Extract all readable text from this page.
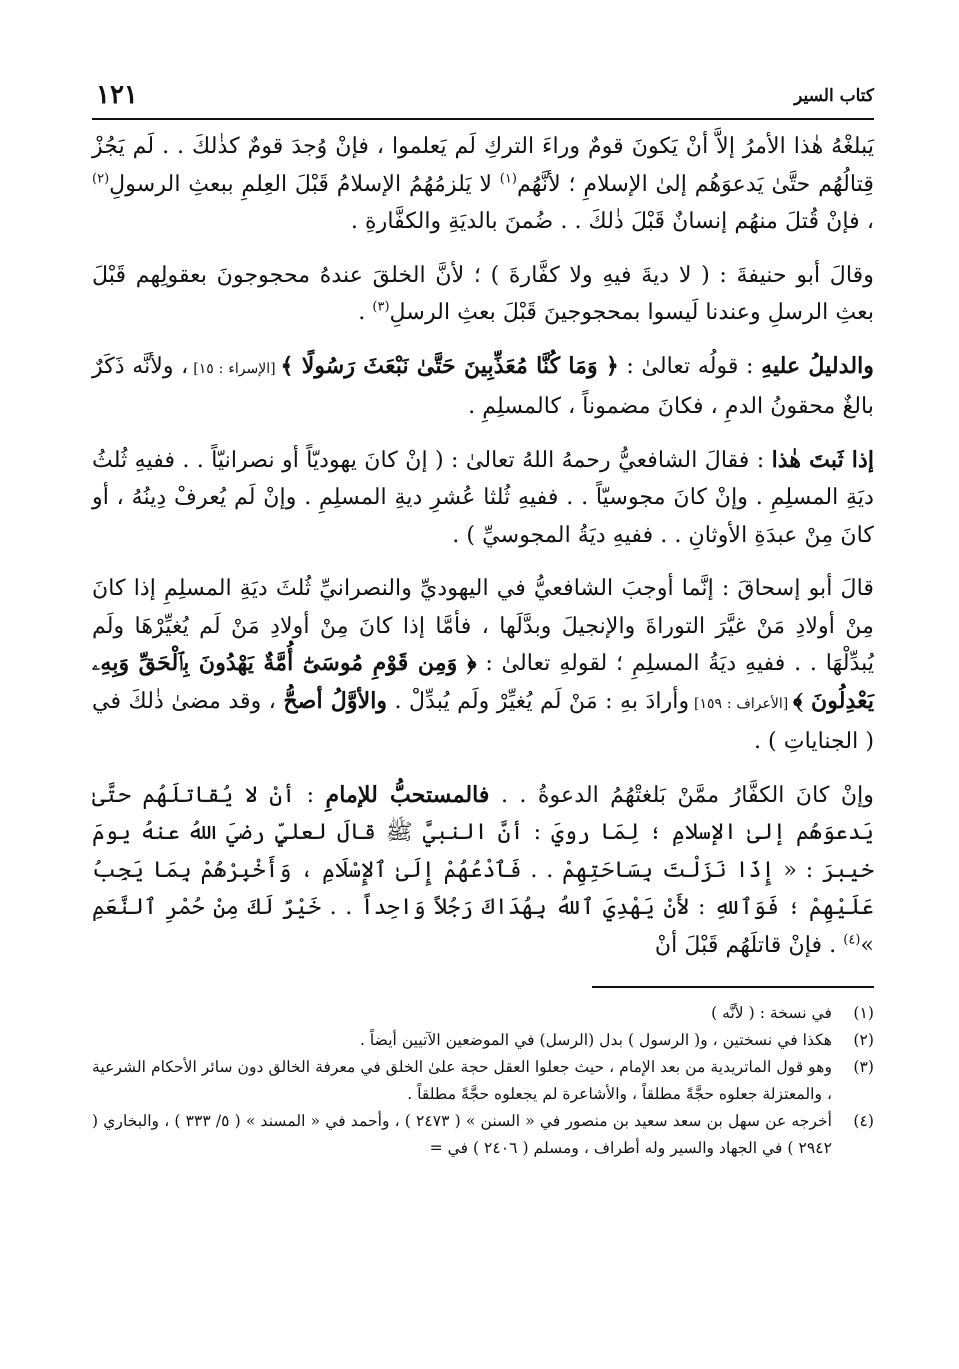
كتاب السير
١٢١

يَبلغْهُ هٰذا الأمرُ إلاَّ أنْ يَكونَ قومٌ وراءَ التركِ لَم يَعلموا ، فإنْ وُجدَ قومٌ كذٰلكَ . . لَم يَجُزْ قِتالُهُم حتَّىٰ يَدعوَهُم إلىٰ الإسلامِ ؛ لأنَّهُم$^{(١)}$ لا يَلزمُهُمُ الإسلامُ قَبْلَ العِلمِ ببعثِ الرسولِ$^{(٢)}$ ، فإنْ قُتلَ منهُم إنسانٌ قَبْلَ ذٰلكَ . . ضُمنَ بالديَةِ والكفَّارةِ .

وقالَ أبو حنيفةَ : ( لا ديةَ فيهِ ولا كفَّارةَ ) ؛ لأنَّ الخلقَ عندهُ محجوجونَ بعقولِهم قَبْلَ بعثِ الرسلِ وعندنا لَيسوا بمحجوجينَ قَبْلَ بعثِ الرسلِ$^{(٣)}$ .

والدليلُ عليهِ : قولُه تعالىٰ : ﴿ وَمَا كُنَّا مُعَذِّبِينَ حَتَّىٰ نَبْعَثَ رَسُولًا ﴾ [الإسراء : ١٥] ، ولأنَّه ذَكَرٌ بالغٌ محقونُ الدمِ ، فكانَ مضموناً ، كالمسلِمِ .

إذا ثَبتَ هٰذا : فقالَ الشافعيُّ رحمهُ اللهُ تعالىٰ : ( إنْ كانَ يهوديّاً أو نصرانيّاً . . ففيهِ ثُلثُ ديَةِ المسلِمِ . وإنْ كانَ مجوسيّاً . . ففيهِ ثُلثا عُشرِ ديةِ المسلِمِ . وإنْ لَم يُعرفْ دِينُهُ ، أو كانَ مِنْ عبدَةِ الأوثانِ . . ففيهِ ديَةُ المجوسيِّ ) .

قالَ أبو إسحاقَ : إنَّما أوجبَ الشافعيُّ في اليهوديِّ والنصرانيِّ ثُلثَ ديَةِ المسلِمِ إذا كانَ مِنْ أولادِ مَنْ غيَّرَ التوراةَ والإنجيلَ وبدَّلَها ، فأمَّا إذا كانَ مِنْ أولادِ مَنْ لَم يُغيِّرْهَا ولَم يُبدِّلْهَا . . ففيهِ ديَةُ المسلِمِ ؛ لقولهِ تعالىٰ : ﴿ وَمِن قَوْمِ مُوسَىٰٓ أُمَّةٌ يَهْدُونَ بِٱلْحَقِّ وَبِهِۦ يَعْدِلُونَ ﴾ [الأعراف : ١٥٩] وأرادَ بهِ : مَنْ لَم يُغيِّرْ ولَم يُبدِّلْ . والأوَّلُ أصحُّ ، وقد مضىٰ ذٰلكَ في ( الجناياتِ ) .

وإنْ كانَ الكفَّارُ ممَّنْ بَلغتْهُمُ الدعوةُ . . فالمستحبُّ للإمامِ : أنْ لا يُقاتلَهُم حتَّىٰ يَدعوَهُم إلىٰ الإسلامِ ؛ لِمَا رويَ : أنَّ النبيَّ ﷺ قالَ لعليٍّ رضيَ اللهُ عنهُ يومَ خيبرَ : « إِذَا نَزَلْتَ بِسَاحَتِهِمْ . . فَٱدْعُهُمْ إِلَىٰ ٱلإِسْلَامِ ، وَأَخْبِرْهُمْ بِمَا يَجِبُ عَلَيْهِمْ ؛ فَوَٱللهِ : لأَنْ يَهْدِيَ ٱللهُ بِهُدَاكَ رَجُلاً وَاحِداً . . خَيْرٌ لَكَ مِنْ حُمْرِ ٱلنَّعَمِ »$^{(٤)}$ . فإنْ قاتلَهُم قَبْلَ أنْ

(١)
في نسخة : ( لأنَّه )
(٢)
هكذا في نسختين ، و( الرسول ) بدل (الرسل) في الموضعين الآتيين أيضاً .
(٣)
وهو قول الماتريدية من بعد الإمام ، حيث جعلوا العقل حجة علىٰ الخلق في معرفة الخالق دون سائر الأحكام الشرعية ، والمعتزلة جعلوه حجَّةً مطلقاً ، والأشاعرة لم يجعلوه حجَّةً مطلقاً .
(٤)
أخرجه عن سهل بن سعد سعيد بن منصور في « السنن » ( ٢٤٧٣ ) ، وأحمد في « المسند » ( ٥/ ٣٣٣ ) ، والبخاري ( ٢٩٤٢ ) في الجهاد والسير وله أطراف ، ومسلم ( ٢٤٠٦ ) في =
